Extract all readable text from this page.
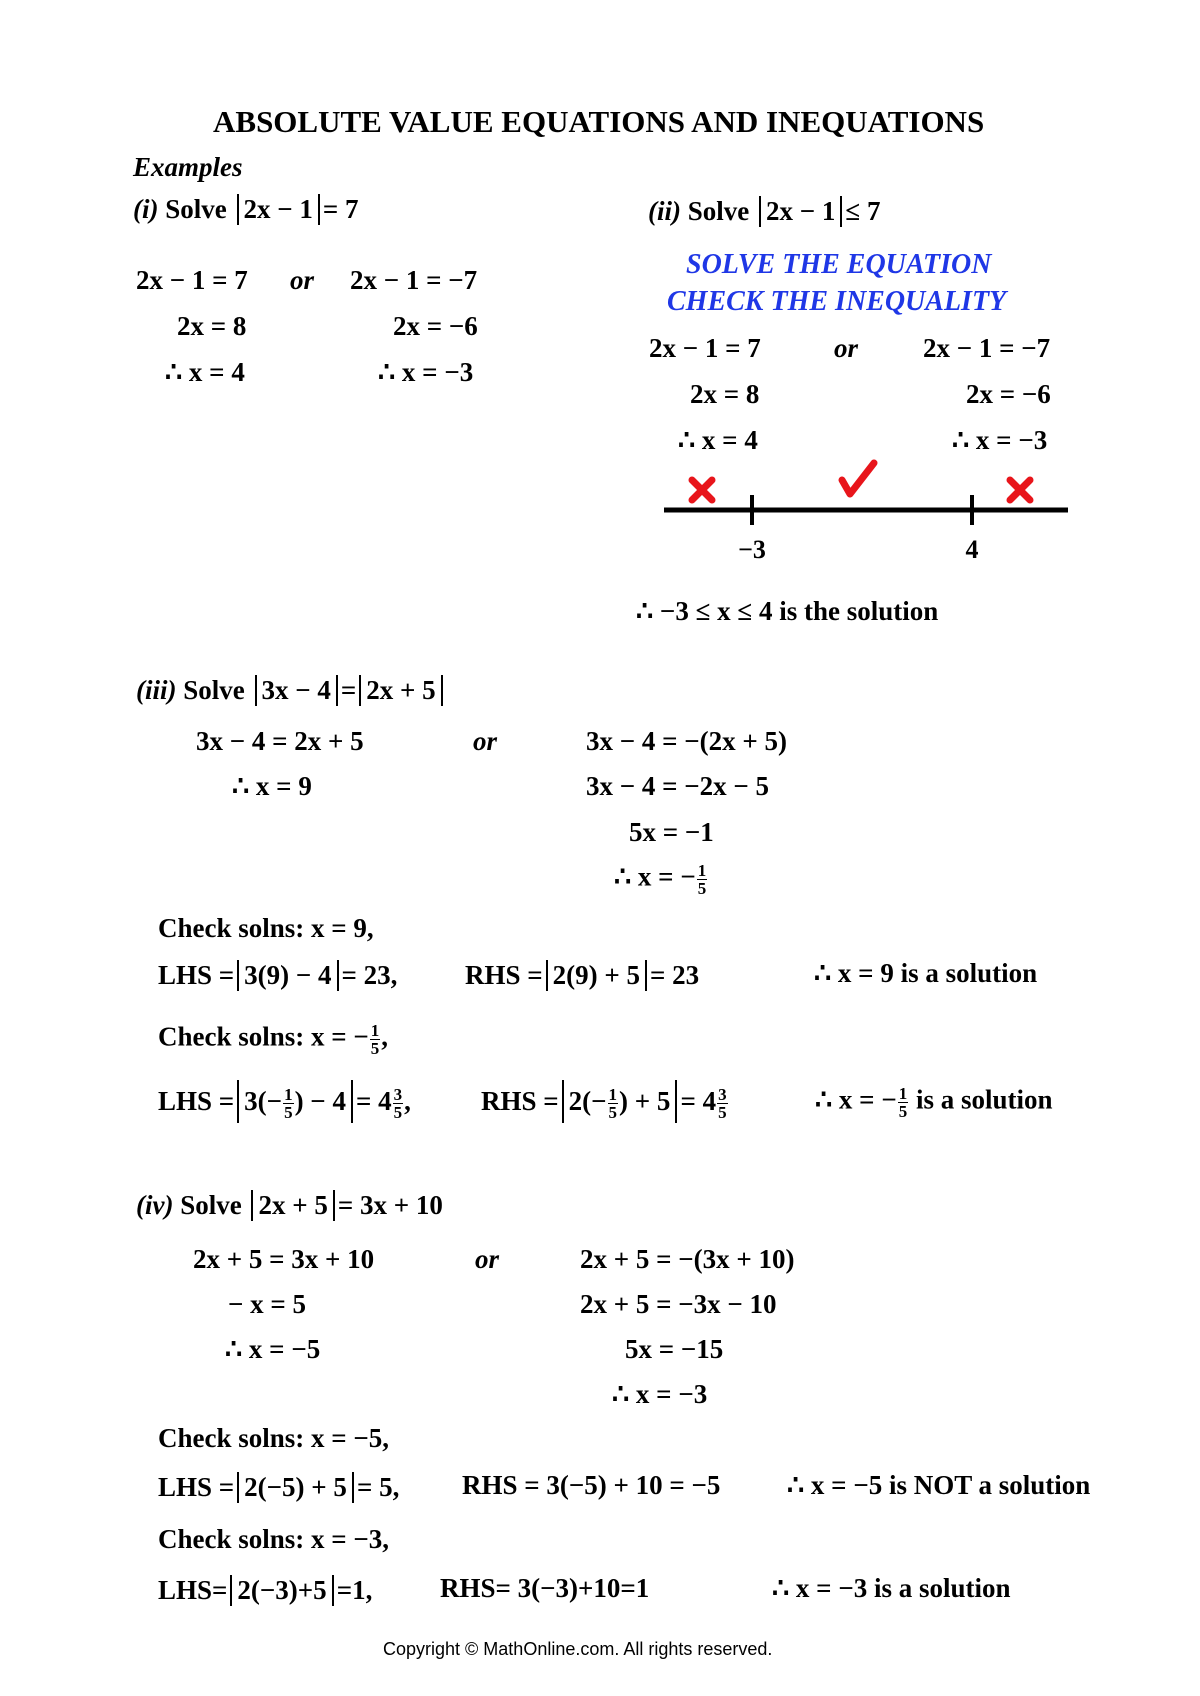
ABSOLUTE VALUE EQUATIONS AND INEQUATIONS
Examples
(i) Solve 2x − 1 = 7
2x − 1 = 7 or 2x − 1 = −7
2x = 8	2x = −6
∴ x = 4	∴ x = −3
(ii) Solve 2x − 1 ≤ 7
SOLVE THE EQUATION
CHECK THE INEQUALITY
2x − 1 = 7	or 2x − 1 = −7
2x = 8	2x = −6
∴ x = 4	∴ x = −3
−3	4
∴ −3 ≤ x ≤ 4 is the solution
(iii) Solve 3x − 4 = 2x + 5
3x − 4 = 2x + 5	or	3x − 4 = −(2x + 5)
∴ x = 9	3x − 4 = −2x − 5
5x = −1
∴ x = − $\frac{1}{5}$
Check solns: x = 9,
LHS = 3(9) − 4 = 23,	RHS = 2(9) + 5 = 23	∴ x = 9 is a solution
Check solns: x = − $\frac{1}{5}$ ,
LHS = $3(- \frac{1}{5}$ ) − $4 = 4 \frac{3}{5}$ ,	RHS = $2(- \frac{1}{5}$ ) + $5 = 4 \frac{3}{5}$	∴ x = − $\frac{1}{5}$ is a solution
(iv) Solve 2x + 5 = 3x + 10
2x + 5 = 3x + 10	or	2x + 5 = −(3x + 10)
− x = 5	2x + 5 = −3x − 10
∴ x = −5	5x = −15
∴ x = −3
Check solns: x = −5,
LHS = 2(−5) + 5 = 5, RHS = 3(−5) + 10 = −5 ∴ x = −5 is NOT a solution
Check solns: x = −3,
LHS= 2(−3)+5 =1,	RHS= 3(−3)+10=1	∴ x = −3 is a solution
Copyright © MathOnline.com. All rights reserved.
